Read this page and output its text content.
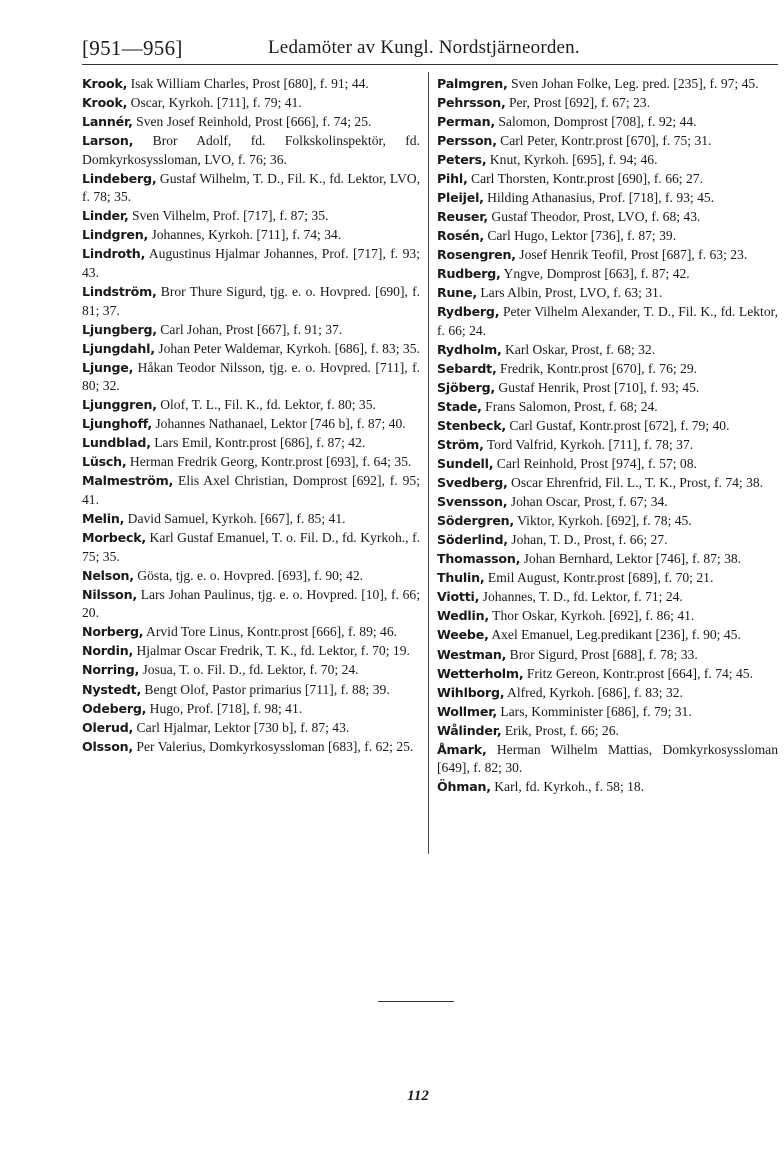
[951—956]	Ledamöter av Kungl. Nordstjärneorden.
Krook, Isak William Charles, Prost [680], f. 91; 44.
Krook, Oscar, Kyrkoh. [711], f. 79; 41.
Lannér, Sven Josef Reinhold, Prost [666], f. 74; 25.
Larson, Bror Adolf, fd. Folkskolinspektör, fd. Domkyrkosyssloman, LVO, f. 76; 36.
Lindeberg, Gustaf Wilhelm, T. D., Fil. K., fd. Lektor, LVO, f. 78; 35.
Linder, Sven Vilhelm, Prof. [717], f. 87; 35.
Lindgren, Johannes, Kyrkoh. [711], f. 74; 34.
Lindroth, Augustinus Hjalmar Johannes, Prof. [717], f. 93; 43.
Lindström, Bror Thure Sigurd, tjg. e. o. Hovpred. [690], f. 81; 37.
Ljungberg, Carl Johan, Prost [667], f. 91; 37.
Ljungdahl, Johan Peter Waldemar, Kyrkoh. [686], f. 83; 35.
Ljunge, Håkan Teodor Nilsson, tjg. e. o. Hovpred. [711], f. 80; 32.
Ljunggren, Olof, T. L., Fil. K., fd. Lektor, f. 80; 35.
Ljunghoff, Johannes Nathanael, Lektor [746 b], f. 87; 40.
Lundblad, Lars Emil, Kontr.prost [686], f. 87; 42.
Lüsch, Herman Fredrik Georg, Kontr.prost [693], f. 64; 35.
Malmeström, Elis Axel Christian, Domprost [692], f. 95; 41.
Melin, David Samuel, Kyrkoh. [667], f. 85; 41.
Morbeck, Karl Gustaf Emanuel, T. o. Fil. D., fd. Kyrkoh., f. 75; 35.
Nelson, Gösta, tjg. e. o. Hovpred. [693], f. 90; 42.
Nilsson, Lars Johan Paulinus, tjg. e. o. Hovpred. [10], f. 66; 20.
Norberg, Arvid Tore Linus, Kontr.prost [666], f. 89; 46.
Nordin, Hjalmar Oscar Fredrik, T. K., fd. Lektor, f. 70; 19.
Norring, Josua, T. o. Fil. D., fd. Lektor, f. 70; 24.
Nystedt, Bengt Olof, Pastor primarius [711], f. 88; 39.
Odeberg, Hugo, Prof. [718], f. 98; 41.
Olerud, Carl Hjalmar, Lektor [730 b], f. 87; 43.
Olsson, Per Valerius, Domkyrkosyssloman [683], f. 62; 25.
Palmgren, Sven Johan Folke, Leg. pred. [235], f. 97; 45.
Pehrsson, Per, Prost [692], f. 67; 23.
Perman, Salomon, Domprost [708], f. 92; 44.
Persson, Carl Peter, Kontr.prost [670], f. 75; 31.
Peters, Knut, Kyrkoh. [695], f. 94; 46.
Pihl, Carl Thorsten, Kontr.prost [690], f. 66; 27.
Pleijel, Hilding Athanasius, Prof. [718], f. 93; 45.
Reuser, Gustaf Theodor, Prost, LVO, f. 68; 43.
Rosén, Carl Hugo, Lektor [736], f. 87; 39.
Rosengren, Josef Henrik Teofil, Prost [687], f. 63; 23.
Rudberg, Yngve, Domprost [663], f. 87; 42.
Rune, Lars Albin, Prost, LVO, f. 63; 31.
Rydberg, Peter Vilhelm Alexander, T. D., Fil. K., fd. Lektor, f. 66; 24.
Rydholm, Karl Oskar, Prost, f. 68; 32.
Sebardt, Fredrik, Kontr.prost [670], f. 76; 29.
Sjöberg, Gustaf Henrik, Prost [710], f. 93; 45.
Stade, Frans Salomon, Prost, f. 68; 24.
Stenbeck, Carl Gustaf, Kontr.prost [672], f. 79; 40.
Ström, Tord Valfrid, Kyrkoh. [711], f. 78; 37.
Sundell, Carl Reinhold, Prost [974], f. 57; 08.
Svedberg, Oscar Ehrenfrid, Fil. L., T. K., Prost, f. 74; 38.
Svensson, Johan Oscar, Prost, f. 67; 34.
Södergren, Viktor, Kyrkoh. [692], f. 78; 45.
Söderlind, Johan, T. D., Prost, f. 66; 27.
Thomasson, Johan Bernhard, Lektor [746], f. 87; 38.
Thulin, Emil August, Kontr.prost [689], f. 70; 21.
Viotti, Johannes, T. D., fd. Lektor, f. 71; 24.
Wedlin, Thor Oskar, Kyrkoh. [692], f. 86; 41.
Weebe, Axel Emanuel, Leg.predikant [236], f. 90; 45.
Westman, Bror Sigurd, Prost [688], f. 78; 33.
Wetterholm, Fritz Gereon, Kontr.prost [664], f. 74; 45.
Wihlborg, Alfred, Kyrkoh. [686], f. 83; 32.
Wollmer, Lars, Komminister [686], f. 79; 31.
Wålinder, Erik, Prost, f. 66; 26.
Åmark, Herman Wilhelm Mattias, Domkyrkosyssloman [649], f. 82; 30.
Öhman, Karl, fd. Kyrkoh., f. 58; 18.
112
